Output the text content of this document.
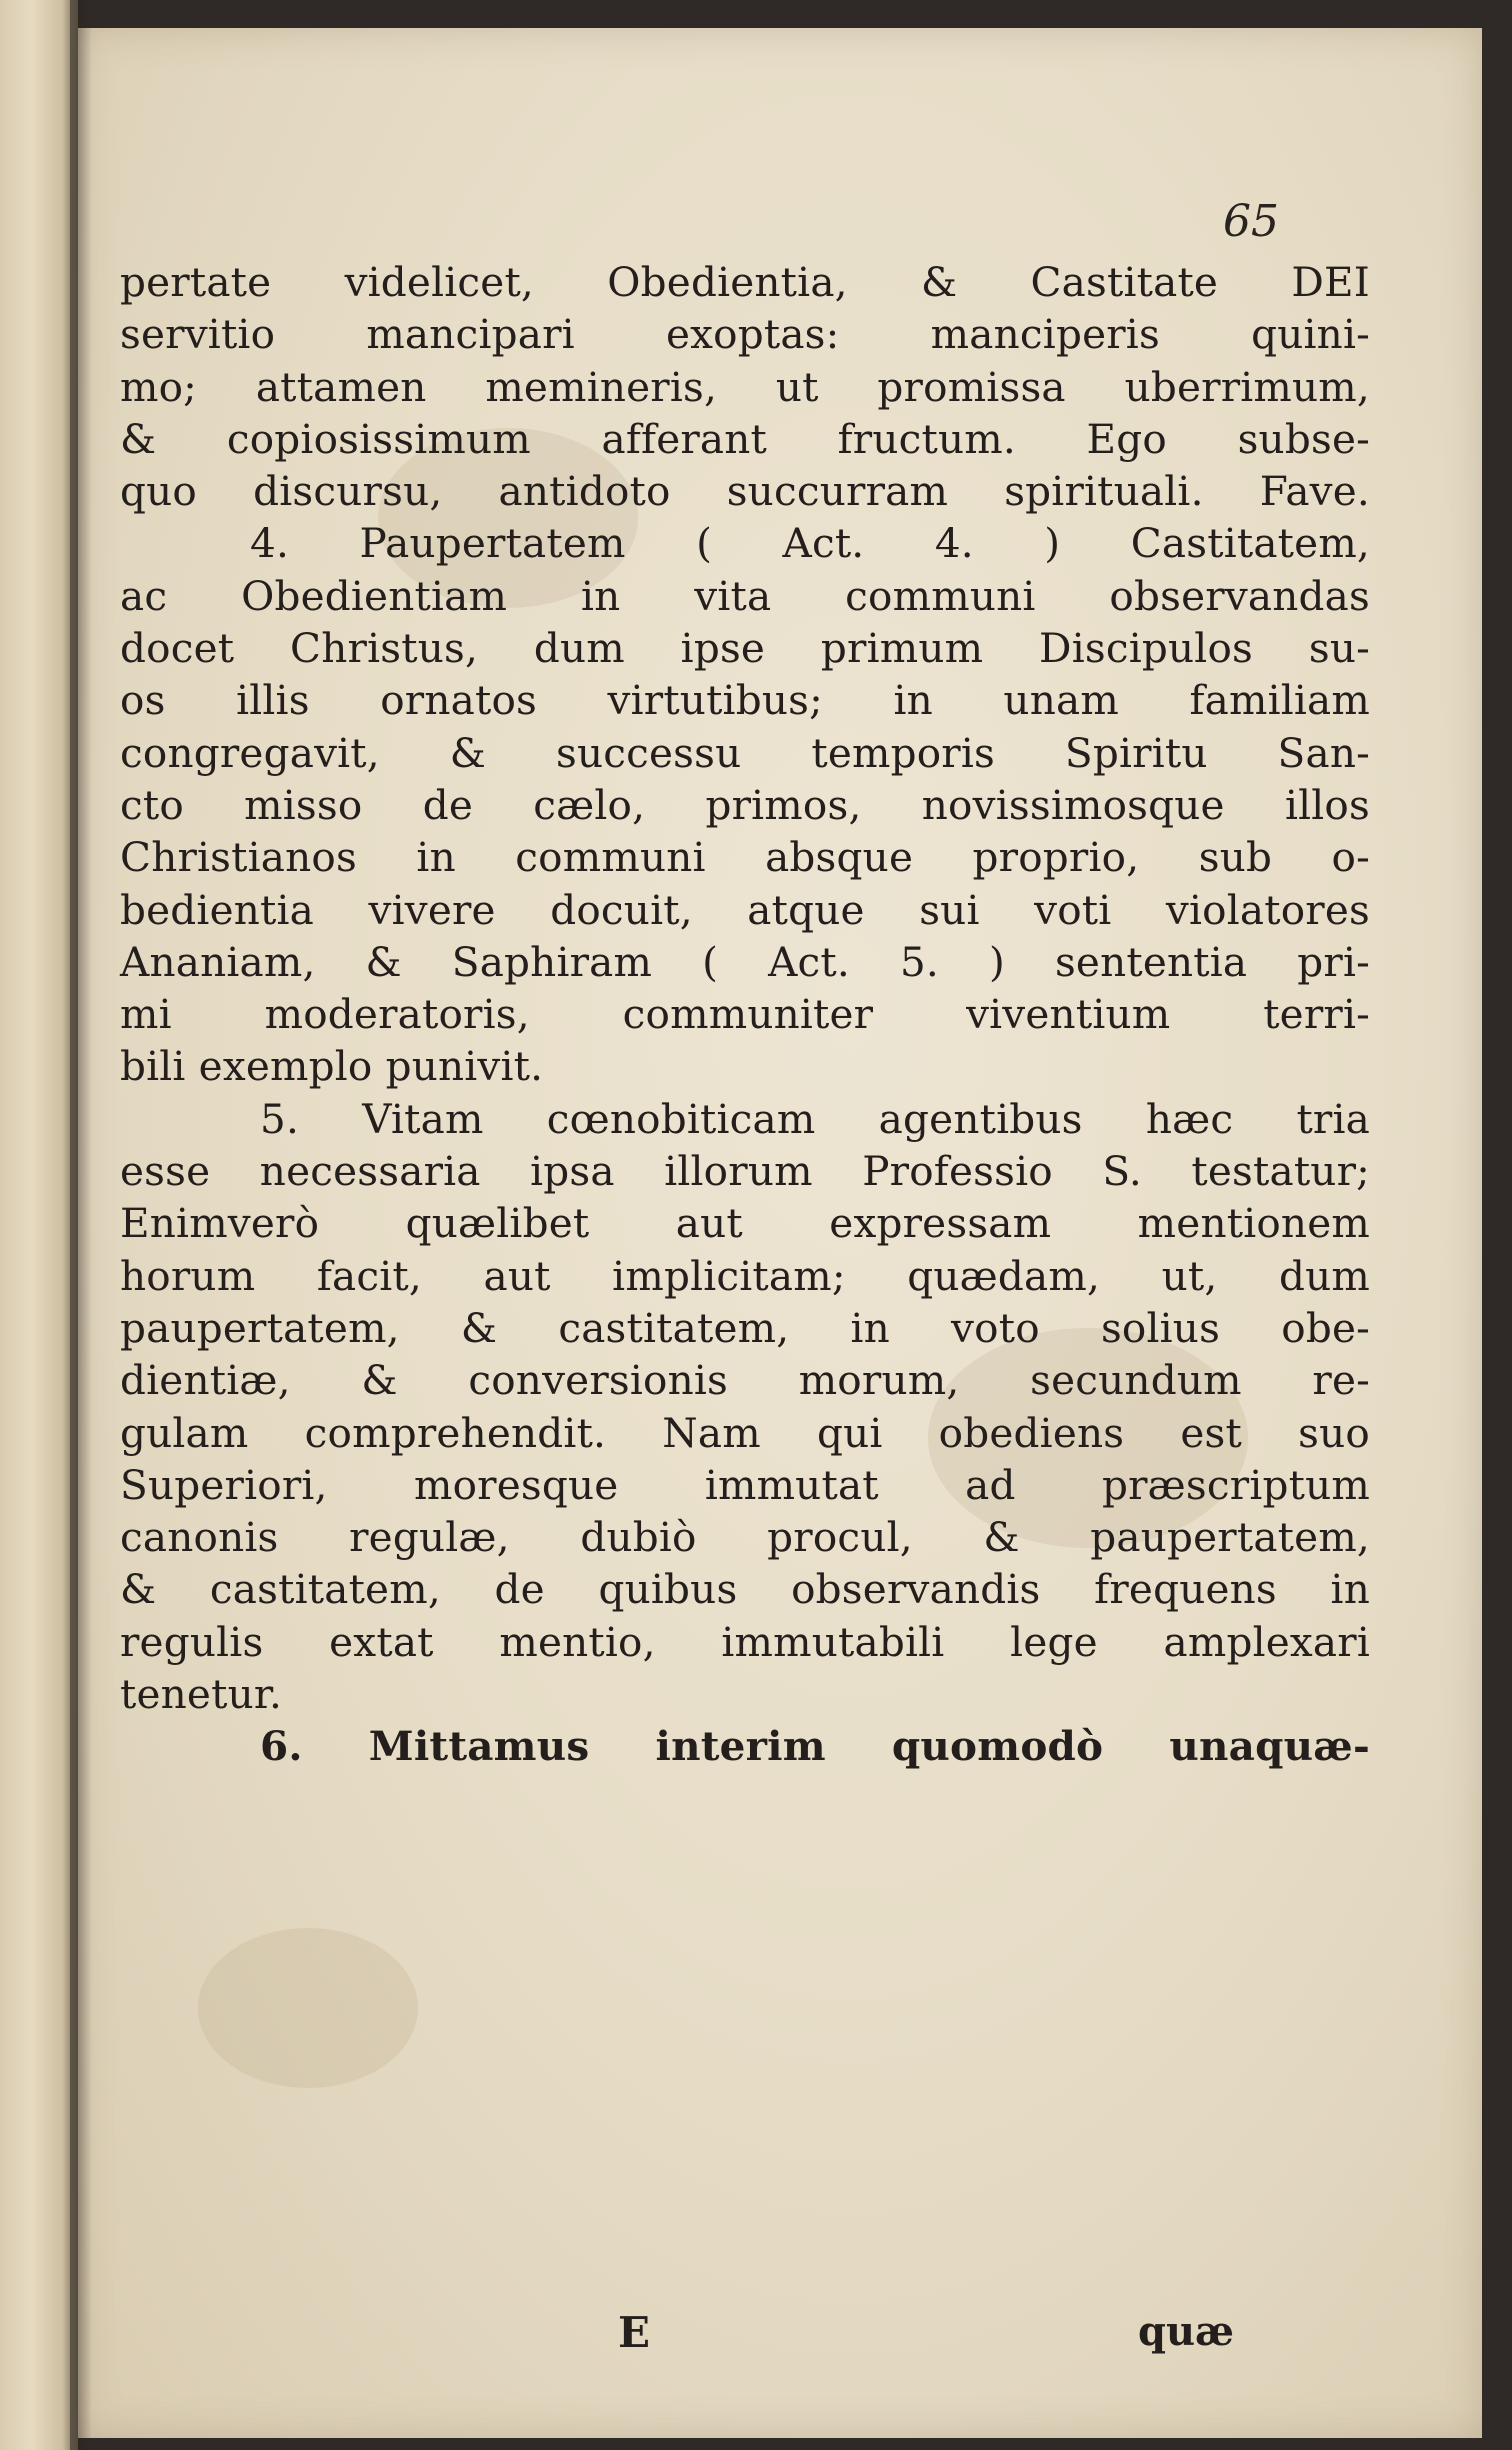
65
pertate videlicet, Obedientia, & Castitate DEI
servitio mancipari exoptas: manciperis quini-
mo; attamen memineris, ut promissa uberrimum,
& copiosissimum afferant fructum. Ego subse-
quo discursu, antidoto succurram spirituali. Fave.
4. Paupertatem ( Act. 4. ) Castitatem,
ac Obedientiam in vita communi observandas
docet Christus, dum ipse primum Discipulos su-
os illis ornatos virtutibus; in unam familiam
congregavit, & successu temporis Spiritu San-
cto misso de cælo, primos, novissimosque illos
Christianos in communi absque proprio, sub o-
bedientia vivere docuit, atque sui voti violatores
Ananiam, & Saphiram ( Act. 5. ) sententia pri-
mi moderatoris, communiter viventium terri-
bili exemplo punivit.
5. Vitam cœnobiticam agentibus hæc tria
esse necessaria ipsa illorum Professio S. testatur;
Enimverò quælibet aut expressam mentionem
horum facit, aut implicitam; quædam, ut, dum
paupertatem, & castitatem, in voto solius obe-
dientiæ, & conversionis morum, secundum re-
gulam comprehendit. Nam qui obediens est suo
Superiori, moresque immutat ad præscriptum
canonis regulæ, dubiò procul, & paupertatem,
& castitatem, de quibus observandis frequens in
regulis extat mentio, immutabili lege amplexari
tenetur.
6. Mittamus interim quomodò unaquæ-
E	quæ
